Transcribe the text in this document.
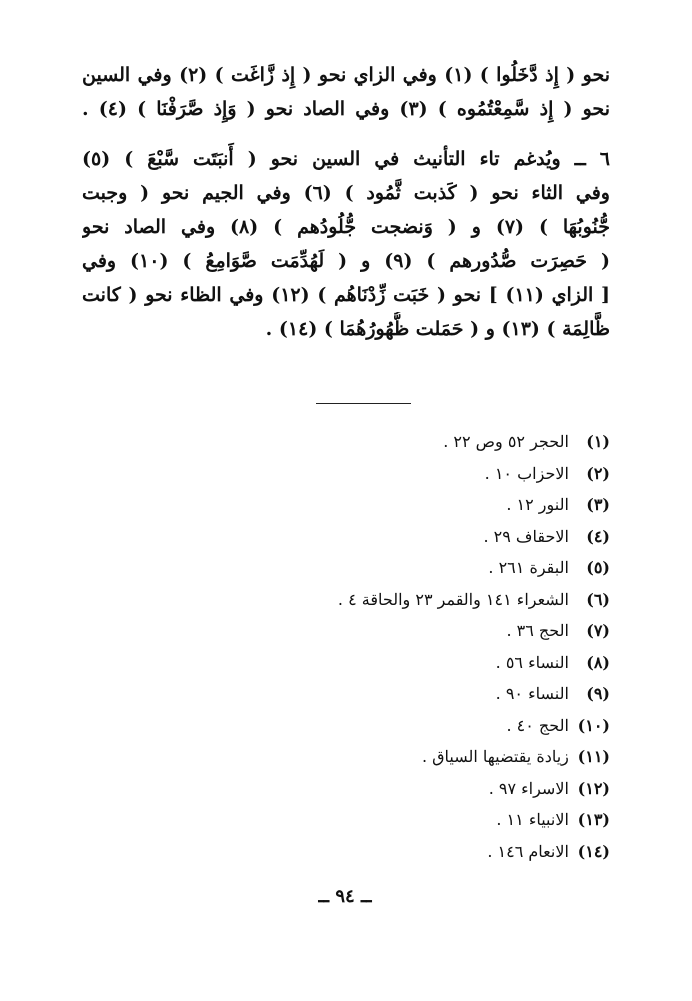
نحو ( إِذ دَّخَلُوا ) (١) وفي الزاي نحو ( إِذ زَّاغَت ) (٢) وفي السين
نحو ( إِذ سَّمِعْتُمُوه ) (٣) وفي الصاد نحو ( وَإِذ صَّرَفْنَا ) (٤) .
٦ ــ ويُدغم تاء التأنيث في السين نحو ( أَنبَتَت سَّبْعَ ) (٥)
وفي الثاء نحو ( كَذبت ثَّمُود ) (٦) وفي الجيم نحو ( وجبت
جُّنُوبُهَا ) (٧) و ( وَنضجت جُّلُودُهم ) (٨) وفي الصاد نحو
( حَصِرَت صُّدُورهم ) (٩) و ( لَهُدِّمَت صَّوَامِعُ ) (١٠) وفي
[ الزاي (١١) ] نحو ( خَبَت زِّدْنَاهُم ) (١٢) وفي الظاء نحو ( كانت
ظَّالِمَة ) (١٣) و ( حَمَلت ظُّهُورُهُمَا ) (١٤) .
(١) الحجر ٥٢ وص ٢٢ .
(٢) الاحزاب ١٠ .
(٣) النور ١٢ .
(٤) الاحقاف ٢٩ .
(٥) البقرة ٢٦١ .
(٦) الشعراء ١٤١ والقمر ٢٣ والحاقة ٤ .
(٧) الحج ٣٦ .
(٨) النساء ٥٦ .
(٩) النساء ٩٠ .
(١٠) الحج ٤٠ .
(١١) زيادة يقتضيها السياق .
(١٢) الاسراء ٩٧ .
(١٣) الانبياء ١١ .
(١٤) الانعام ١٤٦ .
ــ ٩٤ ــ
